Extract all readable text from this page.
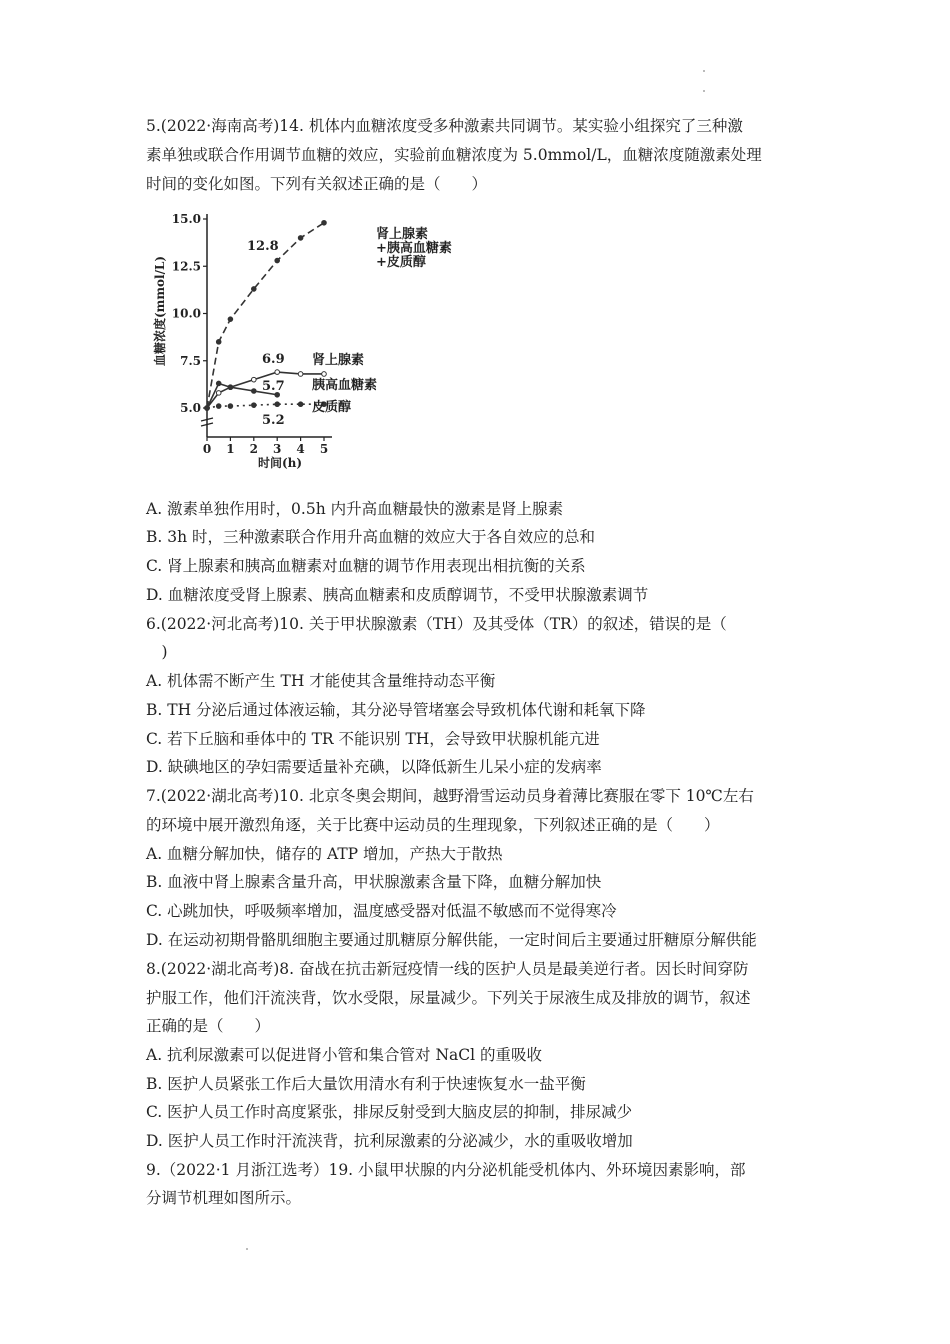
5.(2022·海南高考)14. 机体内血糖浓度受多种激素共同调节。某实验小组探究了三种激
素单独或联合作用调节血糖的效应，实验前血糖浓度为 5.0mmol/L，血糖浓度随激素处理
时间的变化如图。下列有关叙述正确的是（　　）
血糖浓度(mmol/L)
时间(h)
5.0
7.5
10.0
12.5
15.0
0 1 2 3 4 5
肾上腺素
+胰高血糖素
+皮质醇
12.8
肾上腺素
6.9
胰高血糖素
5.7
皮质醇
5.2
A. 激素单独作用时，0.5h 内升高血糖最快的激素是肾上腺素
B. 3h 时，三种激素联合作用升高血糖的效应大于各自效应的总和
C. 肾上腺素和胰高血糖素对血糖的调节作用表现出相抗衡的关系
D. 血糖浓度受肾上腺素、胰高血糖素和皮质醇调节，不受甲状腺激素调节
6.(2022·河北高考)10. 关于甲状腺激素（TH）及其受体（TR）的叙述，错误的是（
　)
A. 机体需不断产生 TH 才能使其含量维持动态平衡
B. TH 分泌后通过体液运输，其分泌导管堵塞会导致机体代谢和耗氧下降
C. 若下丘脑和垂体中的 TR 不能识别 TH，会导致甲状腺机能亢进
D. 缺碘地区的孕妇需要适量补充碘，以降低新生儿呆小症的发病率
7.(2022·湖北高考)10. 北京冬奥会期间，越野滑雪运动员身着薄比赛服在零下 10℃左右
的环境中展开激烈角逐，关于比赛中运动员的生理现象，下列叙述正确的是（　　）
A. 血糖分解加快，储存的 ATP 增加，产热大于散热
B. 血液中肾上腺素含量升高，甲状腺激素含量下降，血糖分解加快
C. 心跳加快，呼吸频率增加，温度感受器对低温不敏感而不觉得寒冷
D. 在运动初期骨骼肌细胞主要通过肌糖原分解供能，一定时间后主要通过肝糖原分解供能
8.(2022·湖北高考)8. 奋战在抗击新冠疫情一线的医护人员是最美逆行者。因长时间穿防
护服工作，他们汗流浃背，饮水受限，尿量减少。下列关于尿液生成及排放的调节，叙述
正确的是（　　）
A. 抗利尿激素可以促进肾小管和集合管对 NaCl 的重吸收
B. 医护人员紧张工作后大量饮用清水有利于快速恢复水一盐平衡
C. 医护人员工作时高度紧张，排尿反射受到大脑皮层的抑制，排尿减少
D. 医护人员工作时汗流浃背，抗利尿激素的分泌减少，水的重吸收增加
9.（2022·1 月浙江选考）19. 小鼠甲状腺的内分泌机能受机体内、外环境因素影响，部
分调节机理如图所示。
